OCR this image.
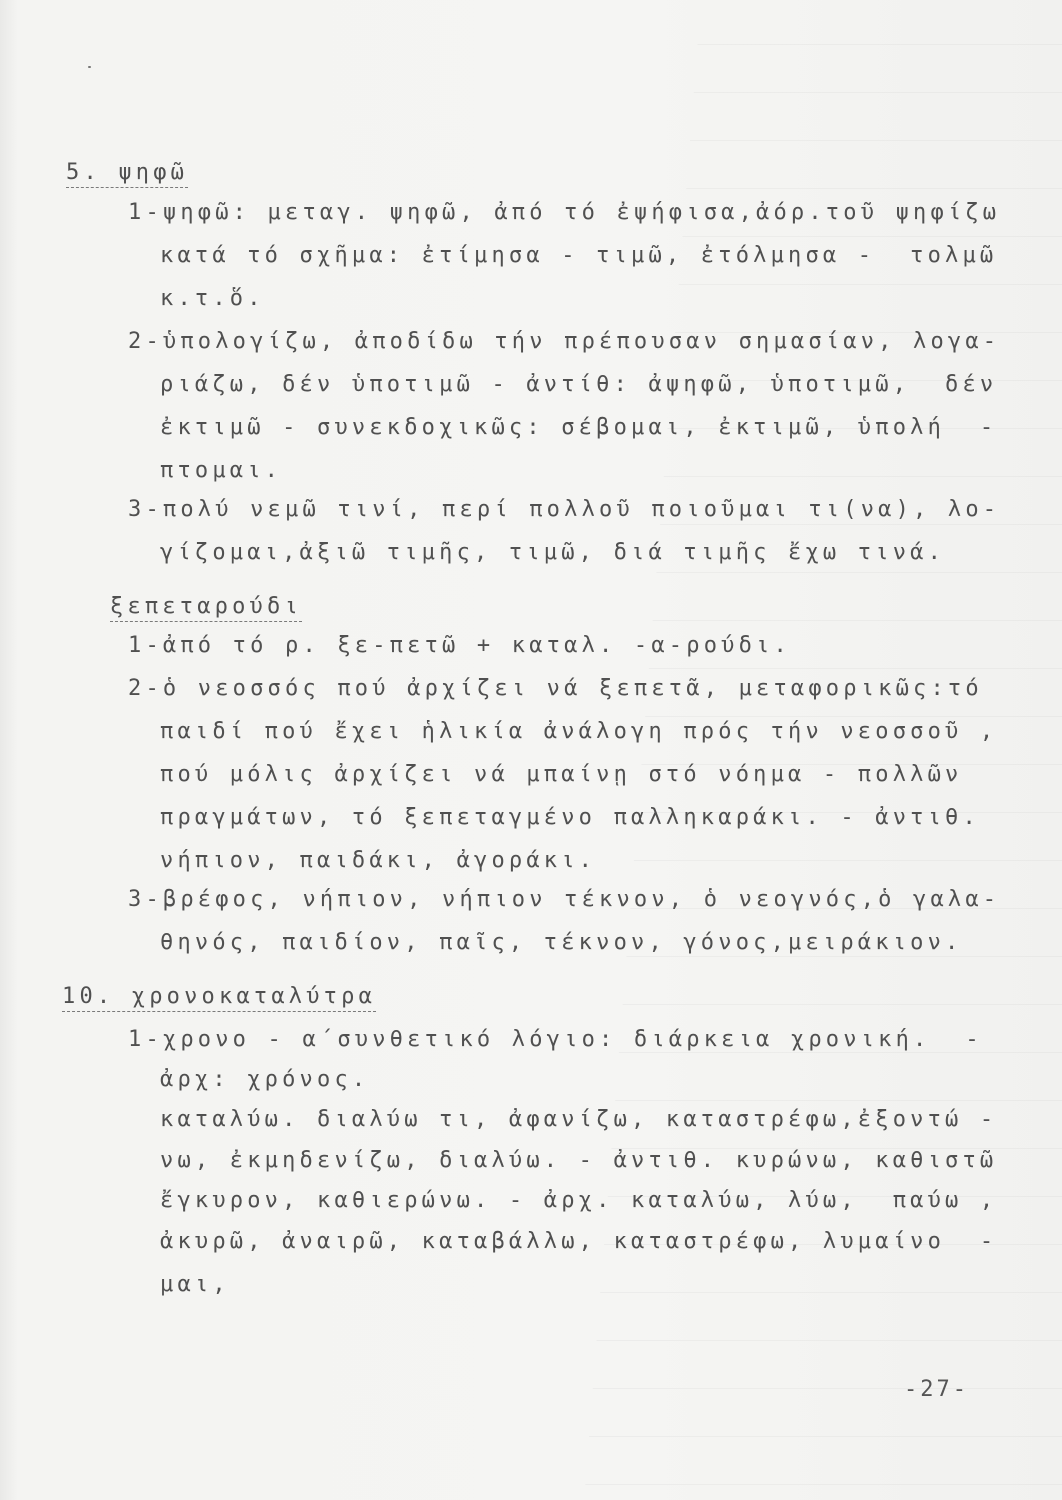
5. ψηφῶ
1-ψηφῶ: μεταγ. ψηφῶ, ἀπό τό ἐψήφισα,ἀόρ.τοῦ ψηφίζω
κατά τό σχῆμα: ἐτίμησα - τιμῶ, ἐτόλμησα -  τολμῶ
κ.τ.ὅ.
2-ὑπολογίζω, ἀποδίδω τήν πρέπουσαν σημασίαν, λογα-
ριάζω, δέν ὑποτιμῶ - ἀντίθ: ἀψηφῶ, ὑποτιμῶ,  δέν
ἐκτιμῶ - συνεκδοχικῶς: σέβομαι, ἐκτιμῶ, ὑπολή  -
πτομαι.
3-πολύ νεμῶ τινί, περί πολλοῦ ποιοῦμαι τι(να), λο-
γίζομαι,ἀξιῶ τιμῆς, τιμῶ, διά τιμῆς ἔχω τινά.
ξεπεταρούδι
1-ἀπό τό ρ. ξε-πετῶ + καταλ. -α-ρούδι.
2-ὁ νεοσσός πού ἀρχίζει νά ξεπετᾶ, μεταφορικῶς:τό
παιδί πού ἔχει ἡλικία ἀνάλογη πρός τήν νεοσσοῦ ,
πού μόλις ἀρχίζει νά μπαίνῃ στό νόημα - πολλῶν
πραγμάτων, τό ξεπεταγμένο παλληκαράκι. - ἀντιθ.
νήπιον, παιδάκι, ἀγοράκι.
3-βρέφος, νήπιον, νήπιον τέκνον, ὁ νεογνός,ὁ γαλα-
θηνός, παιδίον, παῖς, τέκνον, γόνος,μειράκιον.
10. χρονοκαταλύτρα
1-χρονο - α΄συνθετικό λόγιο: διάρκεια χρονική.  -
ἀρχ: χρόνος.
καταλύω. διαλύω τι, ἀφανίζω, καταστρέφω,ἐξοντώ -
νω, ἐκμηδενίζω, διαλύω. - ἀντιθ. κυρώνω, καθιστῶ
ἔγκυρον, καθιερώνω. - ἀρχ. καταλύω, λύω,  παύω ,
ἀκυρῶ, ἀναιρῶ, καταβάλλω, καταστρέφω, λυμαίνο  -
μαι,
-27-
